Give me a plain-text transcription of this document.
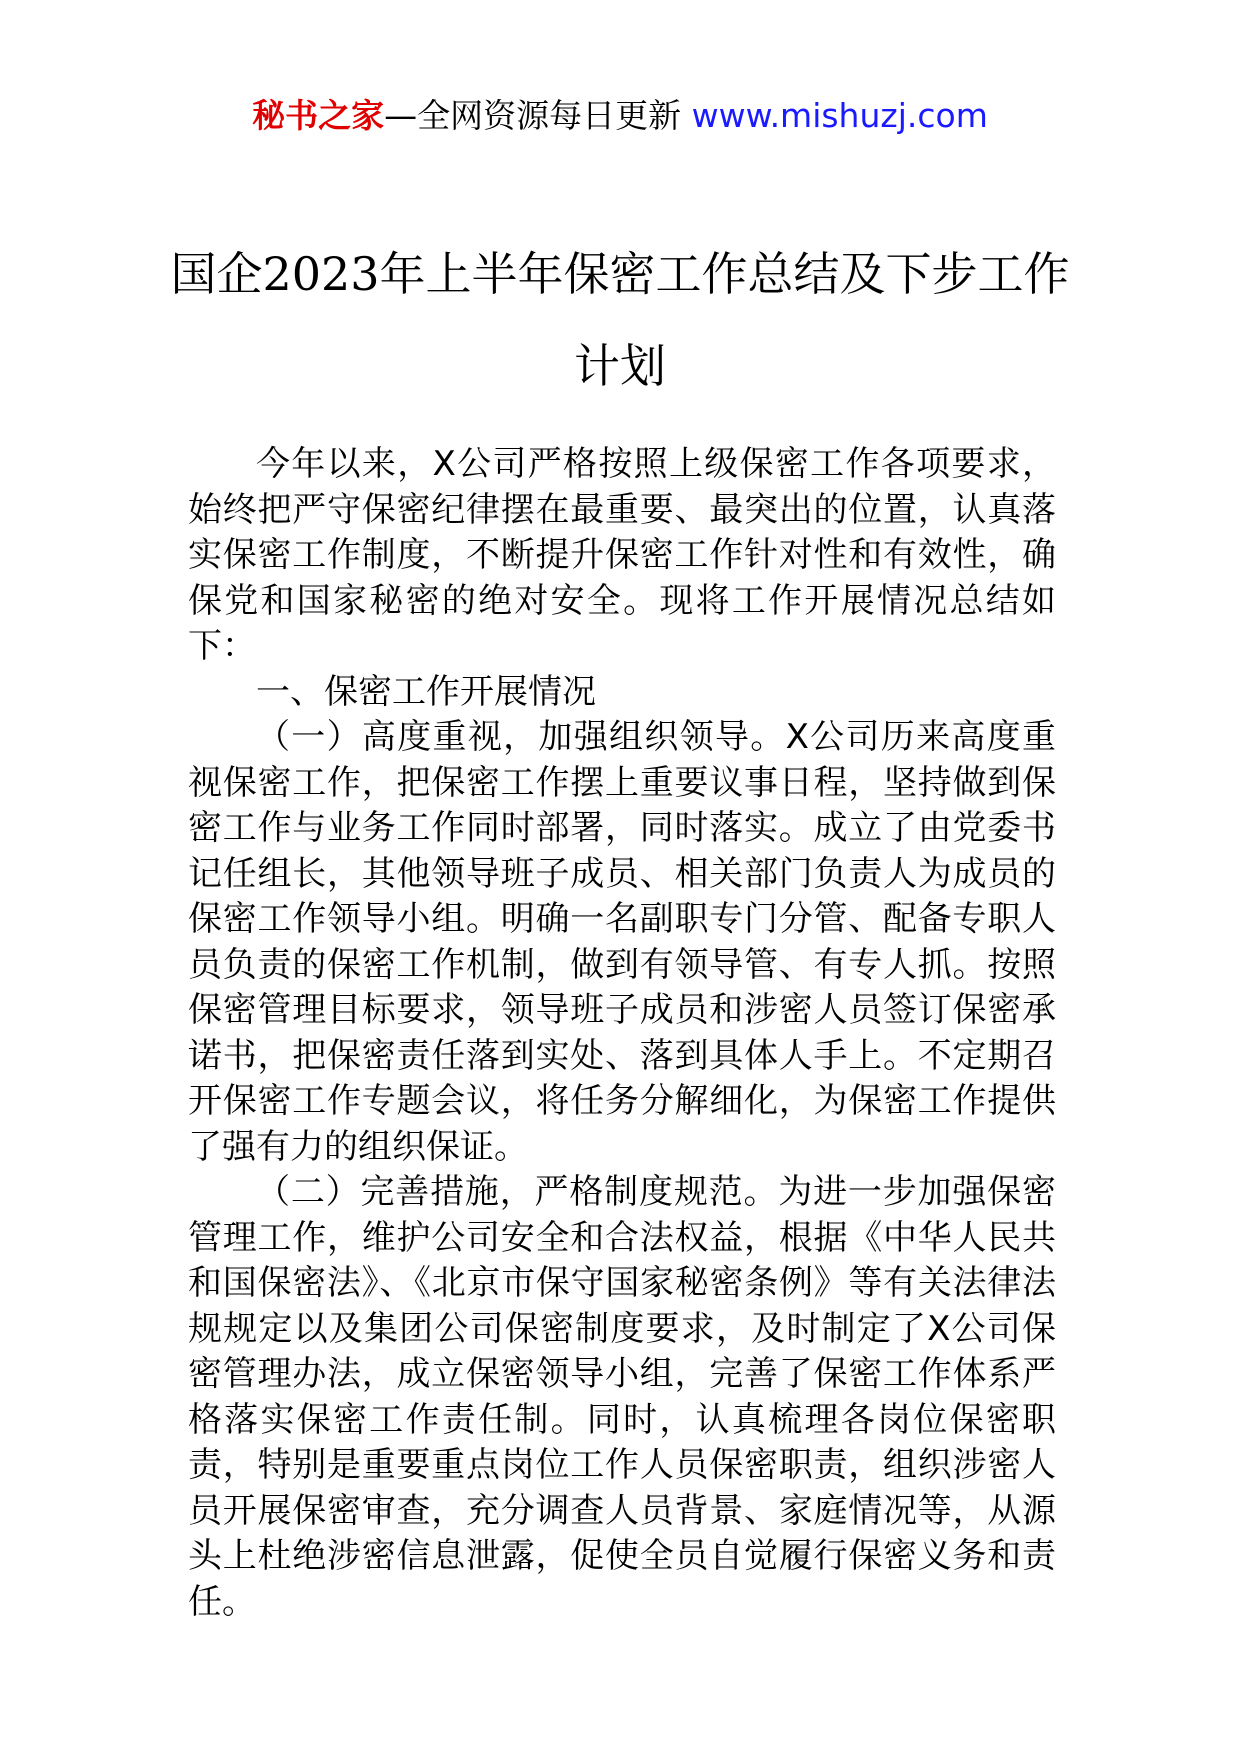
秘书之家—全网资源每日更新 www.mishuzj.com
国企2023年上半年保密工作总结及下步工作计划

今年以来，X公司严格按照上级保密工作各项要求，始终把严守保密纪律摆在最重要、最突出的位置，认真落实保密工作制度，不断提升保密工作针对性和有效性，确保党和国家秘密的绝对安全。现将工作开展情况总结如下：

一、保密工作开展情况

（一）高度重视，加强组织领导。X公司历来高度重视保密工作，把保密工作摆上重要议事日程，坚持做到保密工作与业务工作同时部署，同时落实。成立了由党委书记任组长，其他领导班子成员、相关部门负责人为成员的保密工作领导小组。明确一名副职专门分管、配备专职人员负责的保密工作机制，做到有领导管、有专人抓。按照保密管理目标要求，领导班子成员和涉密人员签订保密承诺书，把保密责任落到实处、落到具体人手上。不定期召开保密工作专题会议，将任务分解细化，为保密工作提供了强有力的组织保证。

（二）完善措施，严格制度规范。为进一步加强保密管理工作，维护公司安全和合法权益，根据《中华人民共和国保密法》、《北京市保守国家秘密条例》等有关法律法规规定以及集团公司保密制度要求，及时制定了X公司保密管理办法，成立保密领导小组，完善了保密工作体系严格落实保密工作责任制。同时，认真梳理各岗位保密职责，特别是重要重点岗位工作人员保密职责，组织涉密人员开展保密审查，充分调查人员背景、家庭情况等，从源头上杜绝涉密信息泄露，促使全员自觉履行保密义务和责任。
